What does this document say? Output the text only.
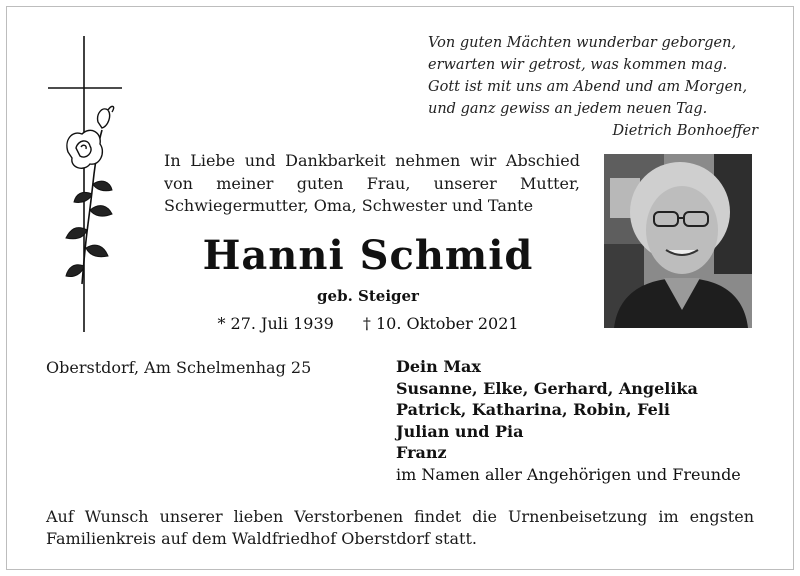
Von guten Mächten wunderbar geborgen,
erwarten wir getrost, was kommen mag.
Gott ist mit uns am Abend und am Morgen,
und ganz gewiss an jedem neuen Tag.
Dietrich Bonhoeffer
In Liebe und Dankbarkeit nehmen wir Abschied
von meiner guten Frau, unserer Mutter,
Schwiegermutter, Oma, Schwester und Tante
Hanni Schmid
geb. Steiger
* 27. Juli 1939 † 10. Oktober 2021
Oberstdorf, Am Schelmenhag 25	Dein Max
Susanne, Elke, Gerhard, Angelika
Patrick, Katharina, Robin, Feli
Julian und Pia
Franz
im Namen aller Angehörigen und Freunde
Auf Wunsch unserer lieben Verstorbenen findet die Urnenbeisetzung im engsten
Familienkreis auf dem Waldfriedhof Oberstdorf statt.
